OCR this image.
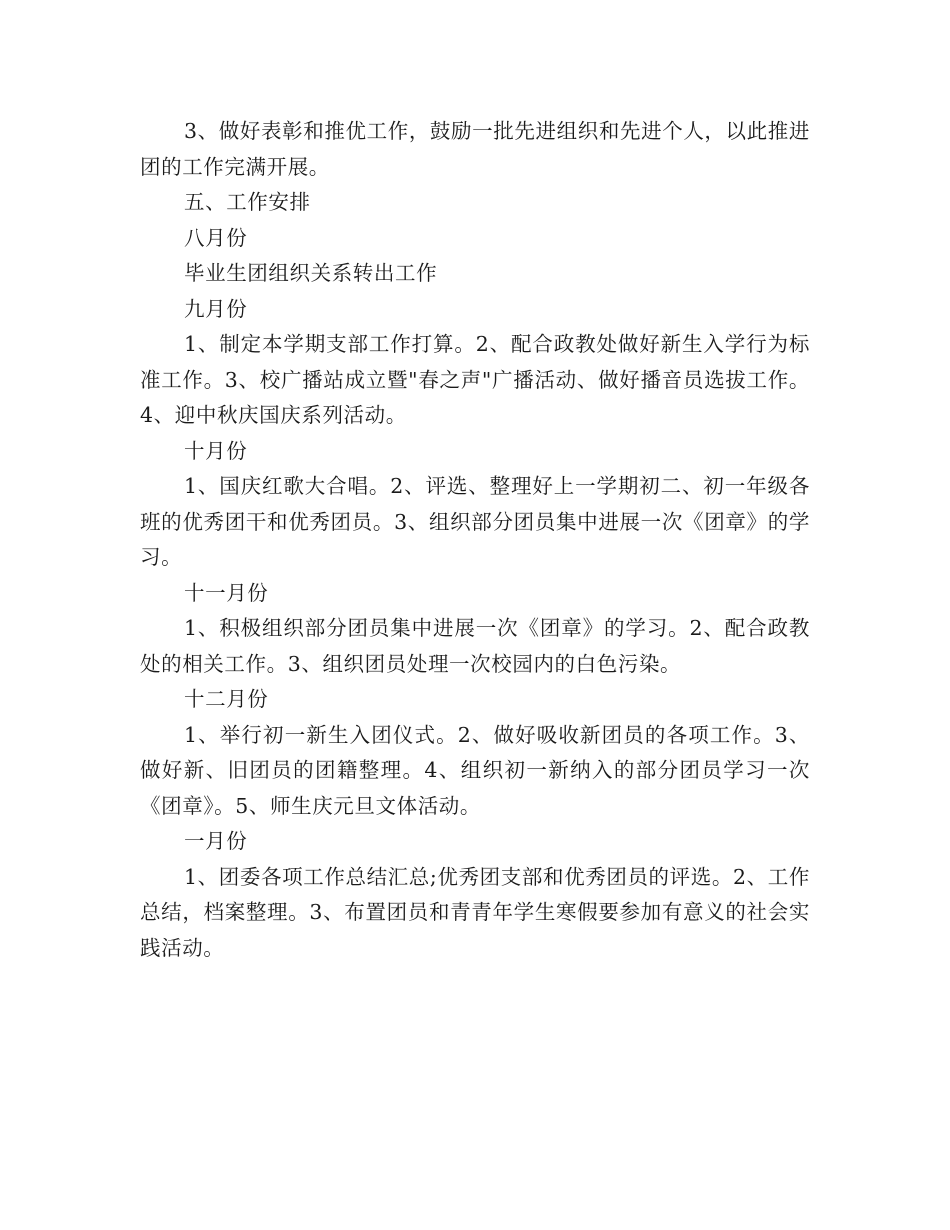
3、做好表彰和推优工作，鼓励一批先进组织和先进个人，以此推进团的工作完满开展。

五、工作安排

八月份

毕业生团组织关系转出工作

九月份

1、制定本学期支部工作打算。2、配合政教处做好新生入学行为标准工作。3、校广播站成立暨"春之声"广播活动、做好播音员选拔工作。4、迎中秋庆国庆系列活动。

十月份

1、国庆红歌大合唱。2、评选、整理好上一学期初二、初一年级各班的优秀团干和优秀团员。3、组织部分团员集中进展一次《团章》的学习。

十一月份

1、积极组织部分团员集中进展一次《团章》的学习。2、配合政教处的相关工作。3、组织团员处理一次校园内的白色污染。

十二月份

1、举行初一新生入团仪式。2、做好吸收新团员的各项工作。3、做好新、旧团员的团籍整理。4、组织初一新纳入的部分团员学习一次《团章》。5、师生庆元旦文体活动。

一月份

1、团委各项工作总结汇总;优秀团支部和优秀团员的评选。2、工作总结，档案整理。3、布置团员和青青年学生寒假要参加有意义的社会实践活动。
